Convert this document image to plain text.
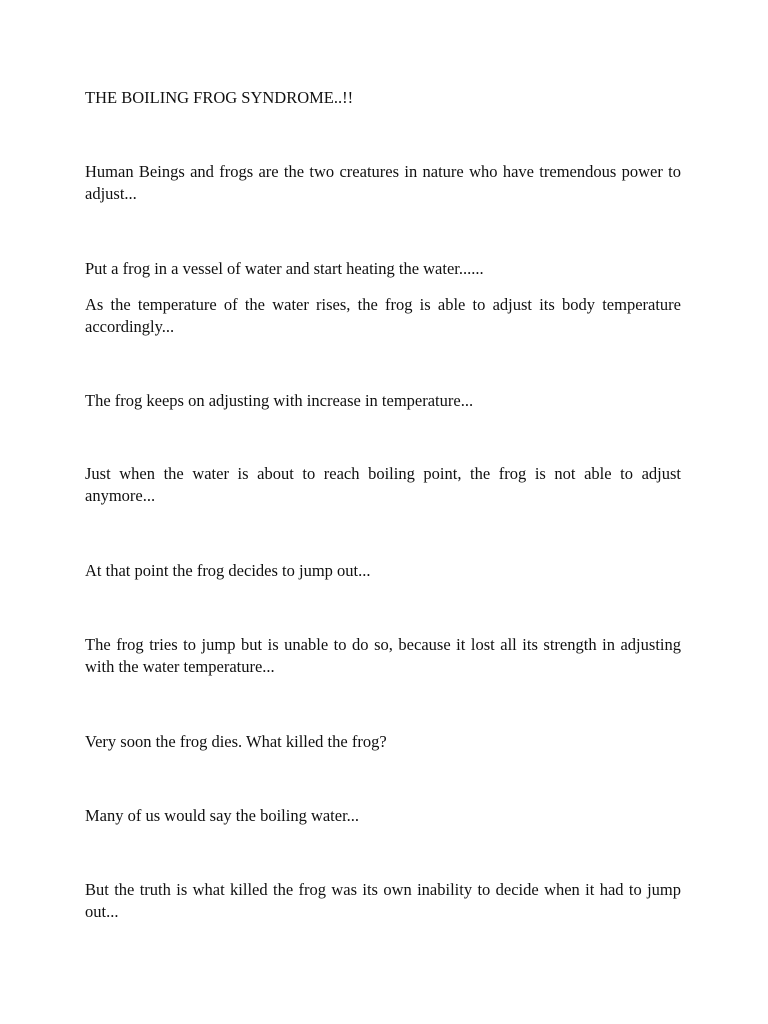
THE BOILING FROG SYNDROME..!!

Human Beings and frogs are the two creatures in nature who have tremendous power to adjust...

Put a frog in a vessel of water and start heating the water......

As the temperature of the water rises, the frog is able to adjust its body temperature accordingly...

The frog keeps on adjusting with increase in temperature...

Just when the water is about to reach boiling point, the frog is not able to adjust anymore...

At that point the frog decides to jump out...

The frog tries to jump but is unable to do so, because it lost all its strength in adjusting with the water temperature...

Very soon the frog dies. What killed the frog?

Many of us would say the boiling water...

But the truth is what killed the frog was its own inability to decide when it had to jump out...
